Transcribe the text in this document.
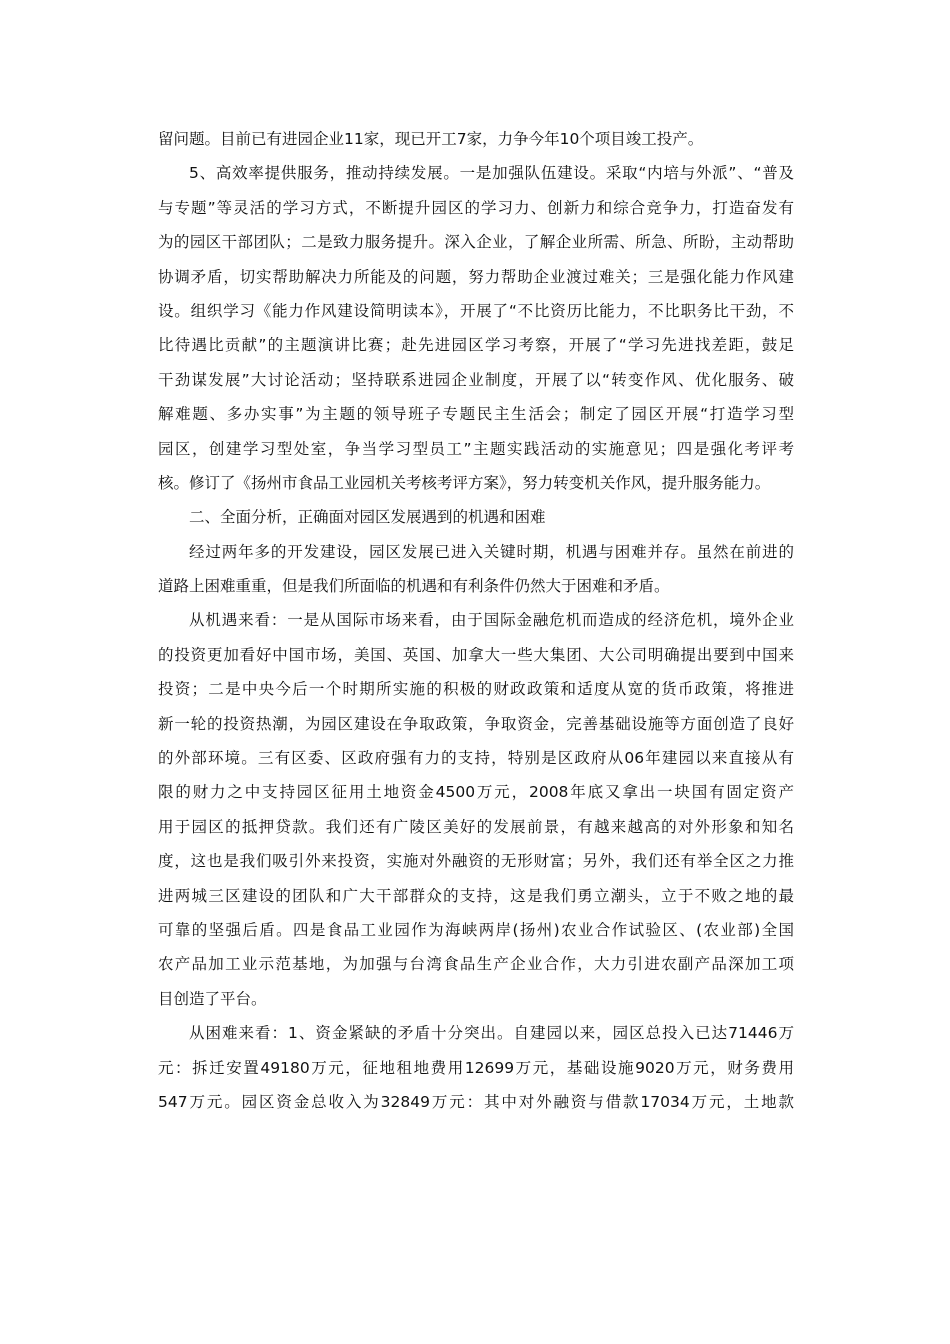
留问题。目前已有进园企业11家，现已开工7家，力争今年10个项目竣工投产。
5、高效率提供服务，推动持续发展。一是加强队伍建设。采取“内培与外派”、“普及
与专题”等灵活的学习方式，不断提升园区的学习力、创新力和综合竞争力，打造奋发有
为的园区干部团队；二是致力服务提升。深入企业，了解企业所需、所急、所盼，主动帮助
协调矛盾，切实帮助解决力所能及的问题，努力帮助企业渡过难关；三是强化能力作风建
设。组织学习《能力作风建设简明读本》，开展了“不比资历比能力，不比职务比干劲，不
比待遇比贡献”的主题演讲比赛；赴先进园区学习考察，开展了“学习先进找差距，鼓足
干劲谋发展”大讨论活动；坚持联系进园企业制度，开展了以“转变作风、优化服务、破
解难题、多办实事”为主题的领导班子专题民主生活会；制定了园区开展“打造学习型
园区，创建学习型处室，争当学习型员工”主题实践活动的实施意见；四是强化考评考
核。修订了《扬州市食品工业园机关考核考评方案》，努力转变机关作风，提升服务能力。
二、全面分析，正确面对园区发展遇到的机遇和困难
经过两年多的开发建设，园区发展已进入关键时期，机遇与困难并存。虽然在前进的
道路上困难重重，但是我们所面临的机遇和有利条件仍然大于困难和矛盾。
从机遇来看：一是从国际市场来看，由于国际金融危机而造成的经济危机，境外企业
的投资更加看好中国市场，美国、英国、加拿大一些大集团、大公司明确提出要到中国来
投资；二是中央今后一个时期所实施的积极的财政政策和适度从宽的货币政策，将推进
新一轮的投资热潮，为园区建设在争取政策，争取资金，完善基础设施等方面创造了良好
的外部环境。三有区委、区政府强有力的支持，特别是区政府从06年建园以来直接从有
限的财力之中支持园区征用土地资金4500万元，2008年底又拿出一块国有固定资产
用于园区的抵押贷款。我们还有广陵区美好的发展前景，有越来越高的对外形象和知名
度，这也是我们吸引外来投资，实施对外融资的无形财富；另外，我们还有举全区之力推
进两城三区建设的团队和广大干部群众的支持，这是我们勇立潮头，立于不败之地的最
可靠的坚强后盾。四是食品工业园作为海峡两岸(扬州)农业合作试验区、(农业部)全国
农产品加工业示范基地，为加强与台湾食品生产企业合作，大力引进农副产品深加工项
目创造了平台。
从困难来看：1、资金紧缺的矛盾十分突出。自建园以来，园区总投入已达71446万
元：拆迁安置49180万元，征地租地费用12699万元，基础设施9020万元，财务费用
547万元。园区资金总收入为32849万元：其中对外融资与借款17034万元，土地款
